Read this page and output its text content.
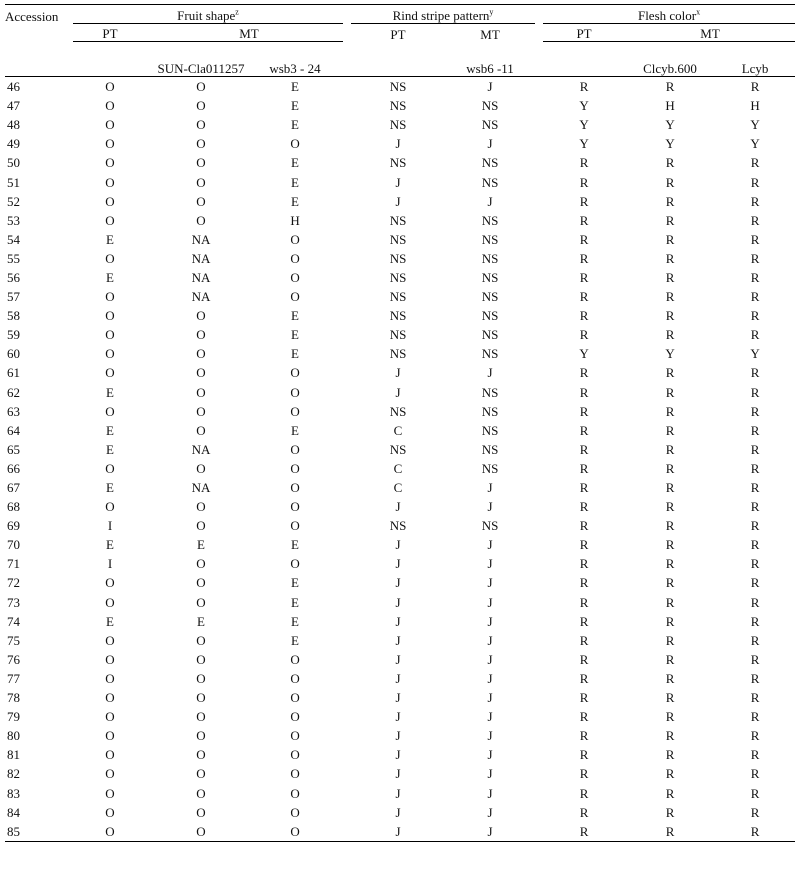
Accession	Fruit shape$^z$					Rind stripe pattern$^y$			Flesh color$^x$
	PT		MT			PT	MT		PT	MT	
			SUN-Cla011257	wsb3 - 24			wsb6 -11			Clcyb.600	Lcyb
46	O		O	E		NS	J		R	R	R
47	O		O	E		NS	NS		Y	H	H
48	O		O	E		NS	NS		Y	Y	Y
49	O		O	O		J	J		Y	Y	Y
50	O		O	E		NS	NS		R	R	R
51	O		O	E		J	NS		R	R	R
52	O		O	E		J	J		R	R	R
53	O		O	H		NS	NS		R	R	R
54	E		NA	O		NS	NS		R	R	R
55	O		NA	O		NS	NS		R	R	R
56	E		NA	O		NS	NS		R	R	R
57	O		NA	O		NS	NS		R	R	R
58	O		O	E		NS	NS		R	R	R
59	O		O	E		NS	NS		R	R	R
60	O		O	E		NS	NS		Y	Y	Y
61	O		O	O		J	J		R	R	R
62	E		O	O		J	NS		R	R	R
63	O		O	O		NS	NS		R	R	R
64	E		O	E		C	NS		R	R	R
65	E		NA	O		NS	NS		R	R	R
66	O		O	O		C	NS		R	R	R
67	E		NA	O		C	J		R	R	R
68	O		O	O		J	J		R	R	R
69	I		O	O		NS	NS		R	R	R
70	E		E	E		J	J		R	R	R
71	I		O	O		J	J		R	R	R
72	O		O	E		J	J		R	R	R
73	O		O	E		J	J		R	R	R
74	E		E	E		J	J		R	R	R
75	O		O	E		J	J		R	R	R
76	O		O	O		J	J		R	R	R
77	O		O	O		J	J		R	R	R
78	O		O	O		J	J		R	R	R
79	O		O	O		J	J		R	R	R
80	O		O	O		J	J		R	R	R
81	O		O	O		J	J		R	R	R
82	O		O	O		J	J		R	R	R
83	O		O	O		J	J		R	R	R
84	O		O	O		J	J		R	R	R
85	O		O	O		J	J		R	R	R
